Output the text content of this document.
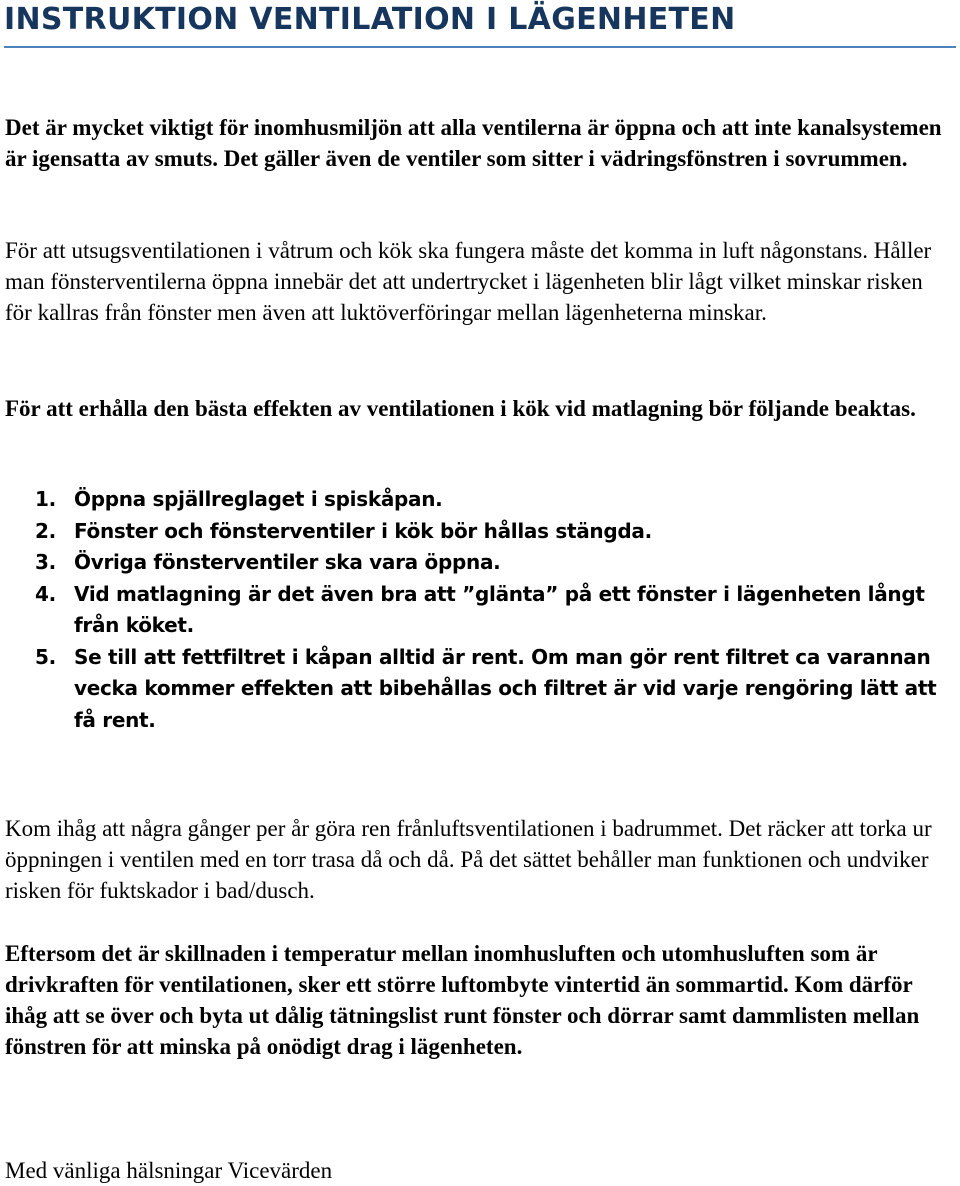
INSTRUKTION VENTILATION I LÄGENHETEN

Det är mycket viktigt för inomhusmiljön att alla ventilerna är öppna och att inte kanalsystemen är igensatta av smuts. Det gäller även de ventiler som sitter i vädringsfönstren i sovrummen.

För att utsugsventilationen i våtrum och kök ska fungera måste det komma in luft någonstans. Håller man fönsterventilerna öppna innebär det att undertrycket i lägenheten blir lågt vilket minskar risken för kallras från fönster men även att luktöverföringar mellan lägenheterna minskar.

För att erhålla den bästa effekten av ventilationen i kök vid matlagning bör följande beaktas.

1. Öppna spjällreglaget i spiskåpan.
2. Fönster och fönsterventiler i kök bör hållas stängda.
3. Övriga fönsterventiler ska vara öppna.
4. Vid matlagning är det även bra att ”glänta” på ett fönster i lägenheten långt från köket.
5. Se till att fettfiltret i kåpan alltid är rent. Om man gör rent filtret ca varannan vecka kommer effekten att bibehållas och filtret är vid varje rengöring lätt att få rent.

Kom ihåg att några gånger per år göra ren frånluftsventilationen i badrummet. Det räcker att torka ur öppningen i ventilen med en torr trasa då och då. På det sättet behåller man funktionen och undviker risken för fuktskador i bad/dusch.

Eftersom det är skillnaden i temperatur mellan inomhusluften och utomhusluften som är drivkraften för ventilationen, sker ett större luftombyte vintertid än sommartid. Kom därför ihåg att se över och byta ut dålig tätningslist runt fönster och dörrar samt dammlisten mellan fönstren för att minska på onödigt drag i lägenheten.

Med vänliga hälsningar Vicevärden
